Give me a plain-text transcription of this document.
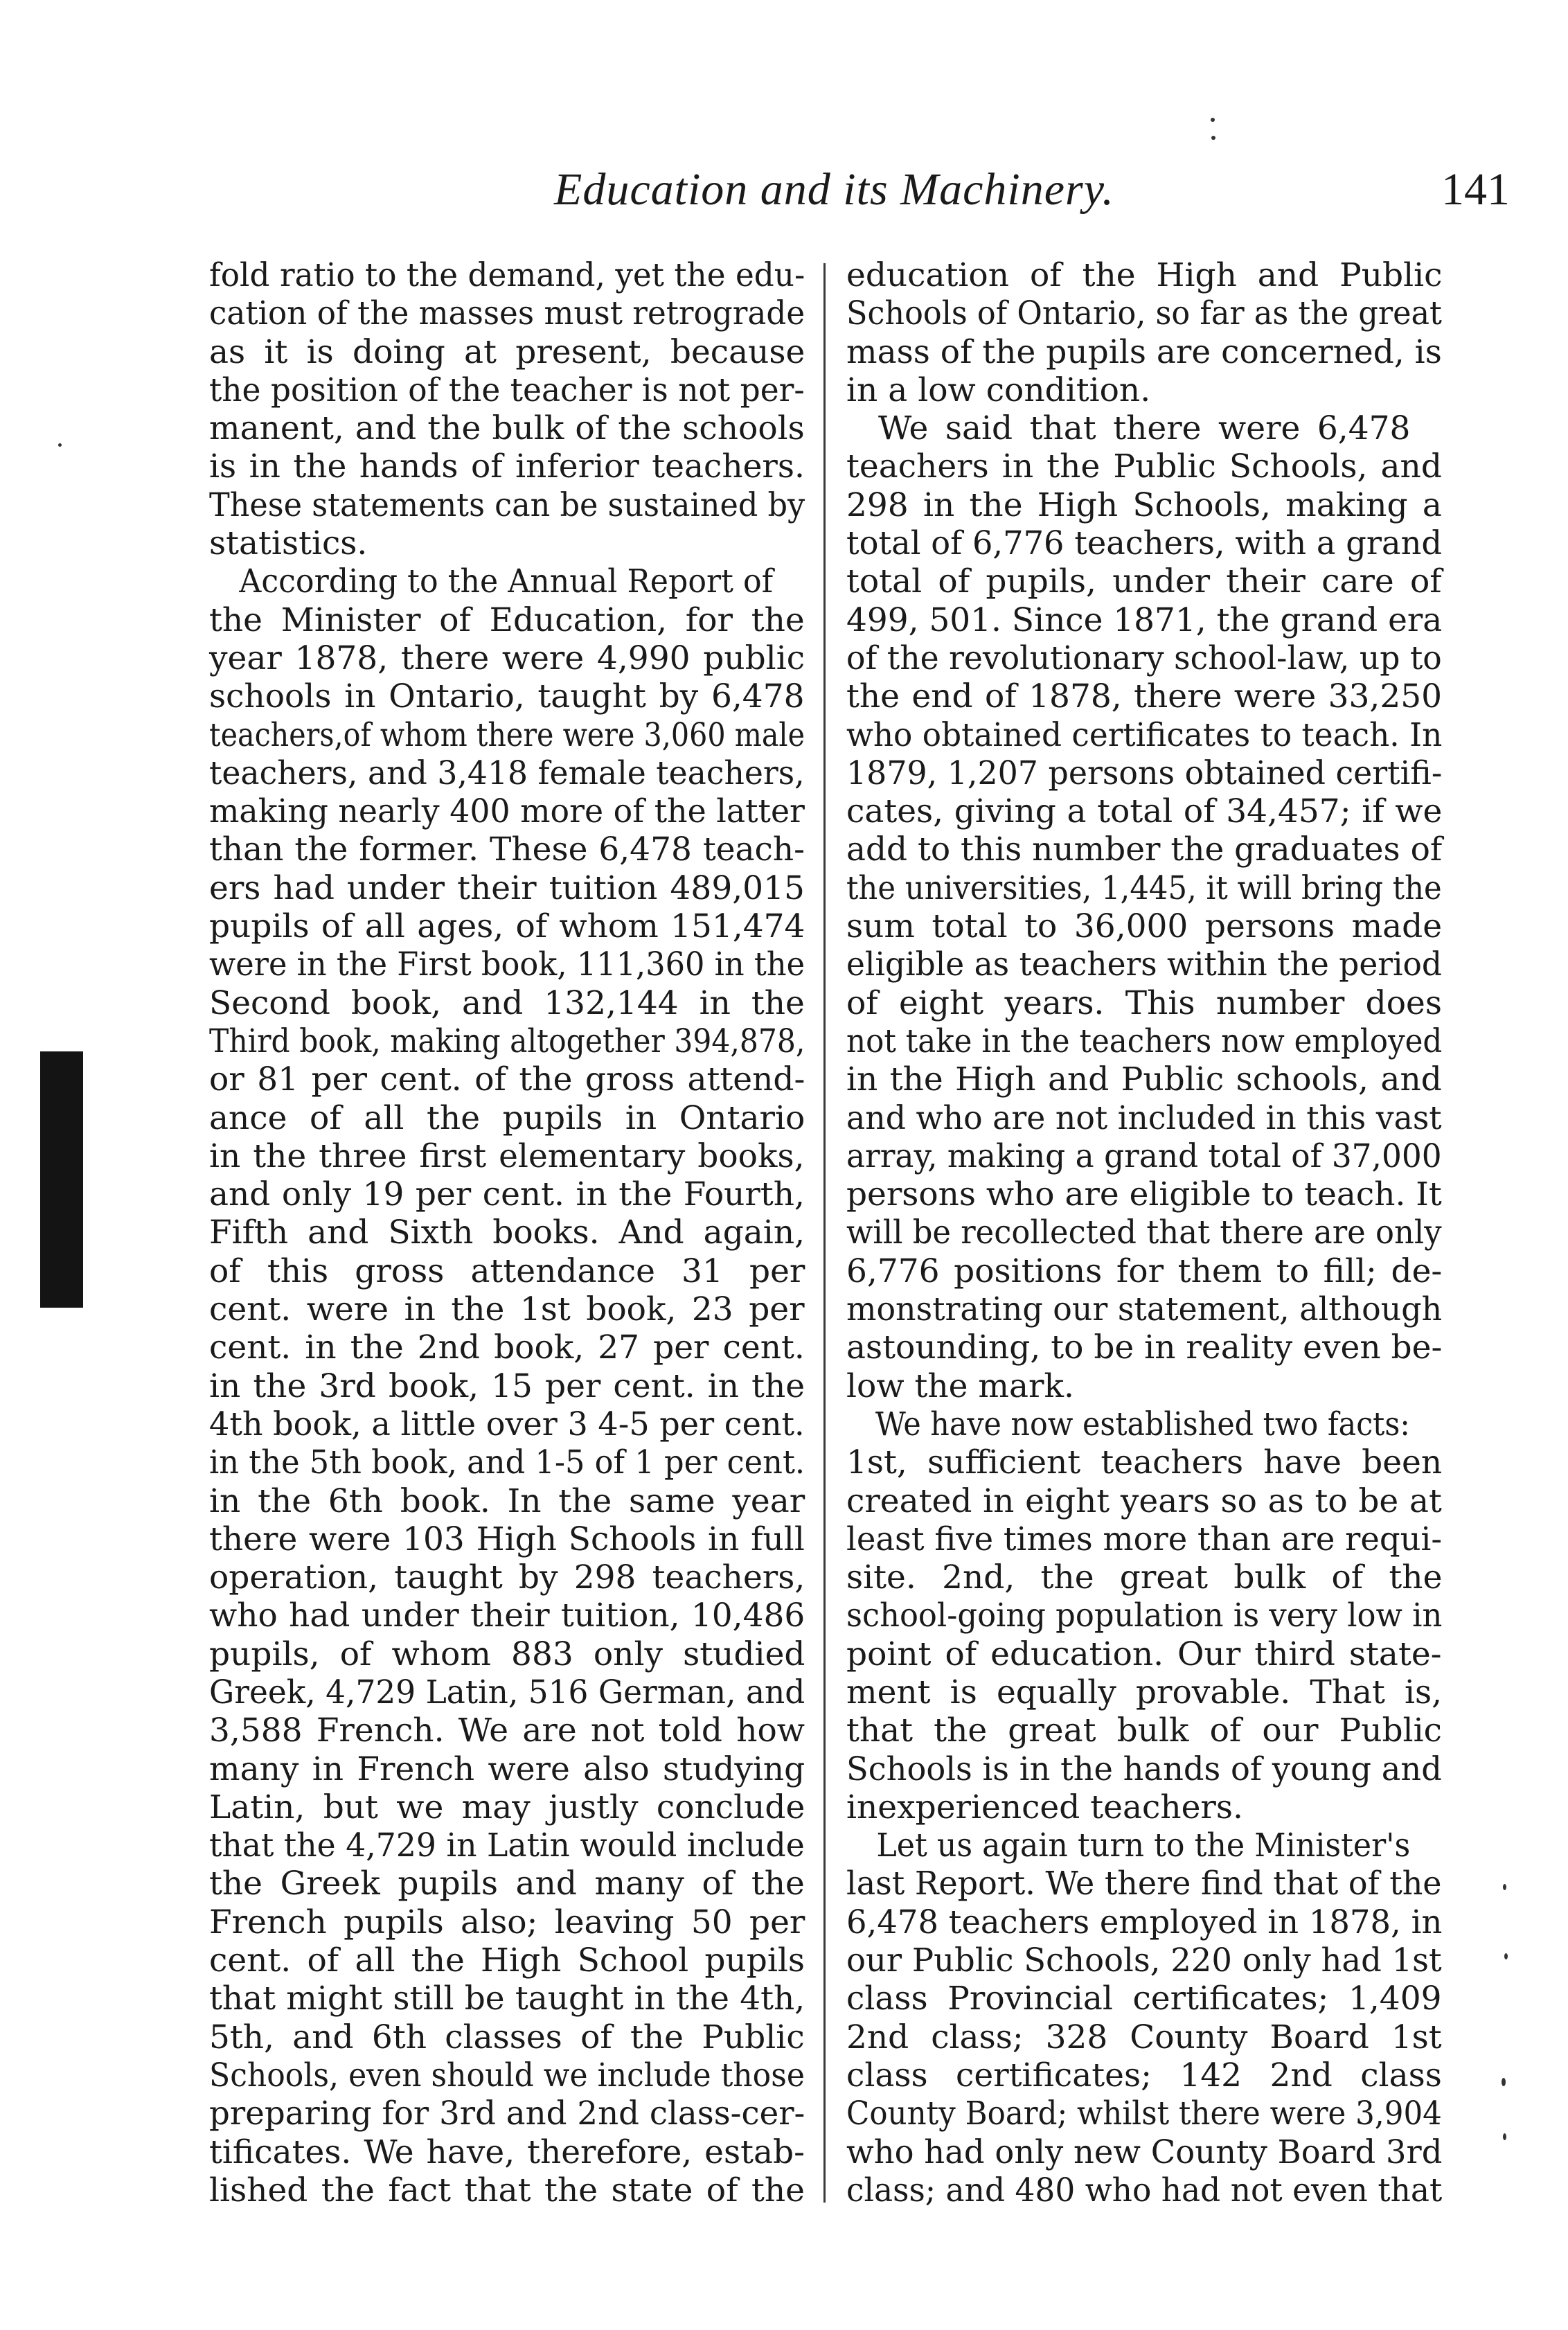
Education and its Machinery.	141
fold ratio to the demand, yet the edu-
cation of the masses must retrograde
as it is doing at present, because
the position of the teacher is not per-
manent, and the bulk of the schools
is in the hands of inferior teachers.
These statements can be sustained by
statistics.
According to the Annual Report of
the Minister of Education, for the
year 1878, there were 4,990 public
schools in Ontario, taught by 6,478
teachers,of whom there were 3,060 male
teachers, and 3,418 female teachers,
making nearly 400 more of the latter
than the former. These 6,478 teach-
ers had under their tuition 489,015
pupils of all ages, of whom 151,474
were in the First book, 111,360 in the
Second book, and 132,144 in the
Third book, making altogether 394,878,
or 81 per cent. of the gross attend-
ance of all the pupils in Ontario
in the three first elementary books,
and only 19 per cent. in the Fourth,
Fifth and Sixth books. And again,
of this gross attendance 31 per
cent. were in the 1st book, 23 per
cent. in the 2nd book, 27 per cent.
in the 3rd book, 15 per cent. in the
4th book, a little over 3 4-5 per cent.
in the 5th book, and 1-5 of 1 per cent.
in the 6th book. In the same year
there were 103 High Schools in full
operation, taught by 298 teachers,
who had under their tuition, 10,486
pupils, of whom 883 only studied
Greek, 4,729 Latin, 516 German, and
3,588 French. We are not told how
many in French were also studying
Latin, but we may justly conclude
that the 4,729 in Latin would include
the Greek pupils and many of the
French pupils also; leaving 50 per
cent. of all the High School pupils
that might still be taught in the 4th,
5th, and 6th classes of the Public
Schools, even should we include those
preparing for 3rd and 2nd class-cer-
tificates. We have, therefore, estab-
lished the fact that the state of the
education of the High and Public
Schools of Ontario, so far as the great
mass of the pupils are concerned, is
in a low condition.
We said that there were 6,478
teachers in the Public Schools, and
298 in the High Schools, making a
total of 6,776 teachers, with a grand
total of pupils, under their care of
499, 501. Since 1871, the grand era
of the revolutionary school-law, up to
the end of 1878, there were 33,250
who obtained certificates to teach. In
1879, 1,207 persons obtained certifi-
cates, giving a total of 34,457; if we
add to this number the graduates of
the universities, 1,445, it will bring the
sum total to 36,000 persons made
eligible as teachers within the period
of eight years. This number does
not take in the teachers now employed
in the High and Public schools, and
and who are not included in this vast
array, making a grand total of 37,000
persons who are eligible to teach. It
will be recollected that there are only
6,776 positions for them to fill; de-
monstrating our statement, although
astounding, to be in reality even be-
low the mark.
We have now established two facts:
1st, sufficient teachers have been
created in eight years so as to be at
least five times more than are requi-
site. 2nd, the great bulk of the
school-going population is very low in
point of education. Our third state-
ment is equally provable. That is,
that the great bulk of our Public
Schools is in the hands of young and
inexperienced teachers.
Let us again turn to the Minister's
last Report. We there find that of the
6,478 teachers employed in 1878, in
our Public Schools, 220 only had 1st
class Provincial certificates; 1,409
2nd class; 328 County Board 1st
class certificates; 142 2nd class
County Board; whilst there were 3,904
who had only new County Board 3rd
class; and 480 who had not even that
